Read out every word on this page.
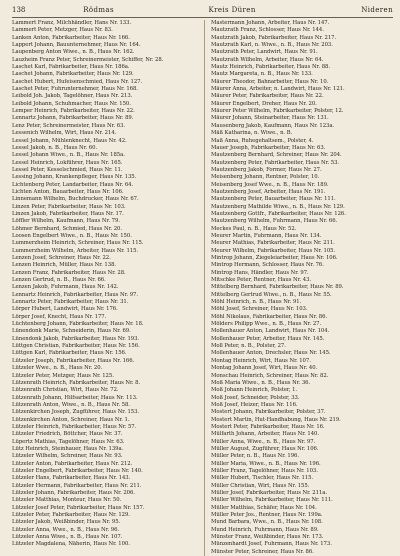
138	Rödmas	Kreis Düren	Nideren
Lammert Franz, Milchhändler, Hans Nr. 133.
Lammert Peter, Metzger, Haus Nr. 83.
Lanken Anton, Fabrikarbeiter, Haus Nr. 166.
Lappert Johann, Bauunternehmer, Haus Nr. 164.
Laupenberg Anton Wiwe., n. B., Haus Nr. 162.
Lauzheim Franz Peter, Schreinermeister, Schiffer, Nr. 28.
Laschet Karl, Fabrikarbeiter, Haus Nr. 186a.
Laschet Johann, Fabrikarbeiter, Haus Nr. 129.
Laschet Hubert, Hufeisenschmied, Haus Nr. 127.
Laschet Peter, Fuhrunternehmer, Haus Nr. 168.
Leibold Joh. Jakob, Tagelöhner, Haus Nr. 213.
Leibold Johann, Schuhmacher, Haus Nr. 150.
Lemper Heinrich, Fabrikarbeiter, Haus Nr. 22.
Lennartz Johann, Fabrikarbeiter, Haus Nr. 89.
Lenz Peter, Schreinermeister, Haus Nr. 63.
Lessenich Wilhelm, Wirt, Haus Nr. 214.
Lessel Johann, Mühlenknecht, Haus Nr. 42.
Lessel Jakob, n. B., Haus Nr. 60.
Lessel Johann Wiwe., n. B., Haus Nr. 185a.
Lessel Heinrich, Lokführer, Haus Nr. 165.
Lessel Peter, Kesselschmied, Haus Nr. 11.
Lessing Johann, Krankenpfleger, Haus Nr. 135.
Lichtenberg Peter, Landarbeiter, Haus Nr. 64.
Lichten Anton, Bauarbeiter, Haus Nr. 106.
Linnemann Wilhelm, Buchdrucker, Haus Nr. 67.
Linzen Peter, Fabrikarbeiter, Haus Nr. 103.
Linzen Jakob, Fabrikarbeiter, Haus Nr. 17.
Löffler Wilhelm, Kaufmann, Haus Nr. 79.
Löhmer Bernhard, Schmied, Haus Nr. 20.
Loosen Engelbert Wiwe., n. B., Haus Nr. 150.
Lummerzheim Heinrich, Schreiner, Haus Nr. 115.
Lummerzheim Wilhelm, Arbeiter, Haus Nr. 115.
Lenzen Josef, Schreiner, Haus Nr. 22.
Lenzen Heinrich, Müller, Haus Nr. 138.
Lenzen Franz, Fabrikarbeiter, Haus Nr. 28.
Lenzen Gertrud, n. B., Haus Nr. 66.
Lenzen Jakob, Fuhrmann, Haus Nr. 142.
Lennartz Heinrich, Fabrikarbeiter, Haus Nr. 97.
Lennartz Peter, Fabrikarbeiter, Haus Nr. 31.
Lörper Hubert, Landwirt, Haus Nr. 176.
Lörper Josef, Knecht, Haus Nr. 177.
Lüchtenberg Johann, Fabrikarbeiter, Haus Nr. 18.
Lünendonk Marie, Schneiderin, Haus Nr. 69.
Lünendonk Jakob, Fabrikarbeiter, Haus Nr. 193.
Lüttgen Christian, Fabrikarbeiter, Haus Nr. 156.
Lüttgen Karl, Fabrikarbeiter, Haus Nr. 156.
Lützeler Joseph, Fabrikarbeiter, Haus Nr. 166.
Lützeler Wwe., n. B., Haus Nr. 20.
Lützeler Peter, Metzger, Haus Nr. 125.
Lützenrath Heinrich, Fabrikarbeiter, Haus Nr. 8.
Lützenrath Christian, Wirt, Haus Nr. 72.
Lützenrath Johann, Hilfsarbeiter, Haus Nr. 113.
Lützenrath Anton, Wiwe., n. B., Haus Nr. 58.
Lützenkirchen Joseph, Zugführer, Haus Nr. 153.
Lützenkirchen Anton, Schreiner, Haus Nr. 1.
Lützeler Heinrich, Fabrikarbeiter, Haus Nr. 57.
Lützeler Friedrich, Böttcher, Haus Nr. 37.
Lüpertz Mathias, Tagelöhner, Haus Nr. 63.
Lütz Heinrich, Steinhauer, Haus Nr. 139a.
Lützeler Wilhelm, Schreiner, Haus Nr. 93.
Lützeler Anton, Fabrikarbeiter, Haus Nr. 212.
Lützeler Engelbert, Fabrikarbeiter, Haus Nr. 140.
Lützeler Hans, Fabrikarbeiter, Haus Nr. 143.
Lützeler Hermann, Fabrikarbeiter, Haus Nr. 211.
Lützeler Johann, Fabrikarbeiter, Haus Nr. 206.
Lützeler Matthias, Monteur, Haus Nr. 50.
Lützeler Josef Peter, Fabrikarbeiter, Haus Nr. 157.
Lützeler Peter, Fabrikarbeiter, Haus Nr. 129.
Lützeler Jakob, Weißbinder, Haus Nr. 95.
Lützeler Anna, Wwe., n. B., Haus Nr. 96.
Lützeler Anna Wiwe., n. B., Haus Nr. 107.
Lützeler Magdalena, Näherin, Haus Nr. 100.
Mastermann Johann, Arbeiter, Haus Nr. 147.
Mautzrath Franz, Schlosser, Haus Nr. 144.
Mautzrath Jakob, Fabrikarbeiter, Haus Nr. 217.
Mautzrath Karl, n. Wiwe., n. B., Haus Nr. 203.
Mautzrath Peter, Landwirt, Haus Nr. 91.
Mautzrath Wilhelm, Arbeiter, Haus Nr. 64.
Mautz Heinrich, Fabrikarbeiter, Haus Nr. 88.
Mautz Margareta, n. B., Haus Nr. 133.
Mäurer Theodor, Bahnarbeiter, Haus Nr. 10.
Mäurer Anna, Arbeiter, n. Landwirt, Haus Nr. 121.
Mäurer Peter, Fabrikarbeiter, Haus Nr. 22.
Mäurer Engelbert, Dreher, Haus Nr. 20.
Mäurer Peter Wilhelm, Fabrikarbeiter, Polster, 12.
Mäurer Johann, Steinarbeiter, Haus Nr. 131.
Mausenberg Jakob, Kaufmann, Haus Nr. 123a.
Mäß Katharina, n. Wiwe., n. B.
Maß Anna, Ruhegehaltsem., Polster, 4.
Mauer Joseph, Fabrikarbeiter, Haus Nr. 63.
Mautzenberg Bernhard, Schreiner, Haus Nr. 204.
Mautzenberg Peter, Fabrikarbeiter, Haus Nr. 53.
Mautzenberg Jakob, Former, Haus Nr. 27.
Meisenberg Johann, Rentner, Polster, 10.
Meisenberg Josef Wwe., n. B., Haus Nr. 189.
Mautzenberg Josef, Arbeiter, Haus Nr. 191.
Mautzenberg Peter, Bauarbeiter, Haus Nr. 111.
Mautzenberg Mathilde Wiwe., n. B., Haus Nr. 129.
Mautzenberg Gottfr., Fabrikarbeiter, Haus Nr. 126.
Mautzenberg Wilhelm, Fuhrmann, Haus Nr. 66.
Meckes Paul, n. B., Haus Nr. 52.
Meurer Martin, Fuhrmann, Haus Nr. 134.
Meurer Mathias, Fabrikarbeiter, Haus Nr. 211.
Meurer Wilhelm, Fabrikarbeiter, Haus Nr. 105.
Mintrop Johann, Ziegeleiarbeiter, Haus Nr. 106.
Mintrop Hermann, Schlosser, Haus Nr. 76.
Mintrop Hans, Händler, Haus Nr. 97.
Mitschke Peter, Rentner, Haus Nr. 43.
Mittelberg Bernhard, Fabrikarbeiter, Haus Nr. 89.
Mittelberg Gertrud Wiwe., n. B., Haus Nr. 55.
Möhl Heinrich, n. B., Haus Nr. 91.
Möhl Josef, Schreiner, Haus Nr. 103.
Möhl Nikolaus, Fabrikarbeiter, Haus Nr. 86.
Mölders Philipp Wwe., n. B., Haus Nr. 27.
Mollenhauer Anton, Landwirt, Haus Nr. 104.
Mollenhauer Peter, Arbeiter, Haus Nr. 145.
Moll Peter, n. B., Polster, 27.
Mollenhauer Anton, Drechsler, Haus Nr. 145.
Montag Heinrich, Wirt, Haus Nr. 107.
Montag Johann Josef, Wirt, Haus Nr. 40.
Monschau Heinrich, Schreiner, Haus Nr. 82.
Moß Maria Wiwe., n. B., Haus Nr. 36.
Moß Johann Heinrich, Polster, 1.
Moß Josef, Schneider, Polster, 33.
Moß Josef, Heizer, Haus Nr. 116.
Mostert Johann, Fabrikarbeiter, Polster, 37.
Mostert Martin, Hut-Handhabung, Haus Nr. 219.
Mostert Peter, Fabrikarbeiter, Haus Nr. 16.
Mülfarth Johann, Arbeiter, Haus Nr. 140.
Müller Anna, Wiwe., n. B., Haus Nr. 97.
Müller August, Zugführer, Haus Nr. 106.
Müller Peter, n. B., Haus Nr. 196.
Müller Maria, Wiwe., n. B., Haus Nr. 196.
Müller Franz, Tagelöhner, Haus Nr. 103.
Müller Hubert, Tischler, Haus Nr. 115.
Müller Christian, Wirt, Haus Nr. 155.
Müller Josef, Fabrikarbeiter, Haus Nr. 211a.
Müller Wilhelm, Fabrikarbeiter, Haus Nr. 111.
Müller Matthias, Schäfer, Haus Nr. 104.
Müller Peter Jos., Rentner, Haus Nr. 199a.
Mund Barbara, Wwe., n. B., Haus Nr. 108.
Mund Heinrich, Fuhrmann, Haus Nr. 89.
Münster Franz, Weißbinder, Haus Nr. 173.
Münzenhardt Josef, Fuhrmann, Haus Nr. 173.
Münster Peter, Schreiner, Haus Nr. 86.
